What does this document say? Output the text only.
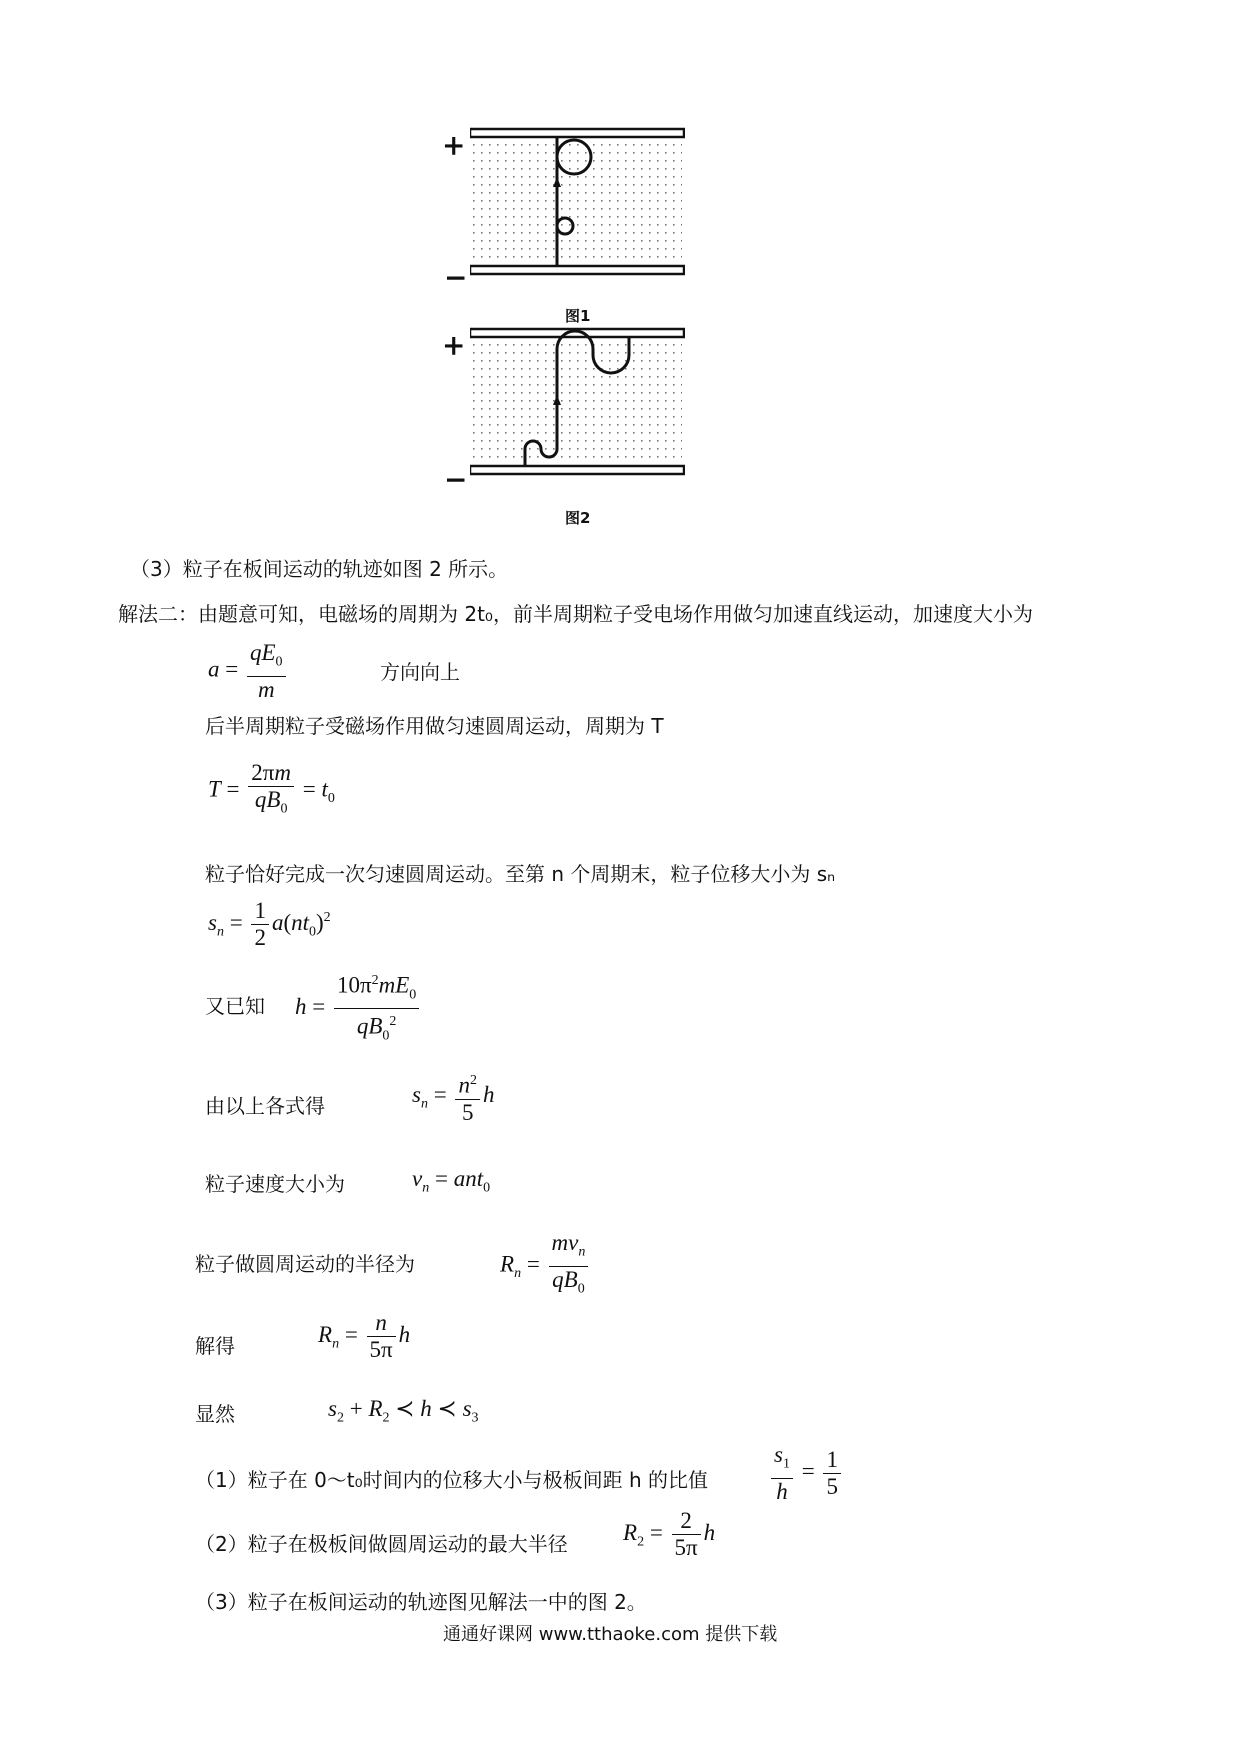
+
−
图1
+
−
图2
（3）粒子在板间运动的轨迹如图 2 所示。
解法二：由题意可知，电磁场的周期为 2t₀，前半周期粒子受电场作用做匀加速直线运动，加速度大小为
$a = \frac{qE_0}{m}$	方向向上
后半周期粒子受磁场作用做匀速圆周运动，周期为 T
$T = \frac{2\pi m}{qB_0} = t_0$
粒子恰好完成一次匀速圆周运动。至第 n 个周期末，粒子位移大小为 sₙ
$s_n = \frac{1}{2} a(nt_0)^2$
又已知 $h = \frac{10\pi^2mE_0}{qB_0^2}$
由以上各式得	$s_n = \frac{n^2}{5}$ h
粒子速度大小为	$v_n = ant_0$
粒子做圆周运动的半径为	$R_n = \frac{mv_n}{qB_0}$
解得	$R_n = \frac{n}{5\pi}$ h
显然	$s_2 + R_2$ ≺ h ≺ $s_3$
（1）粒子在 0～t₀时间内的位移大小与极板间距 h 的比值	$\frac{s_1}{h} = \frac{1}{5}$
（2）粒子在极板间做圆周运动的最大半径 $R_2 = \frac{2}{5\pi}$ h
（3）粒子在板间运动的轨迹图见解法一中的图 2。
通通好课网 www.tthaoke.com 提供下载
